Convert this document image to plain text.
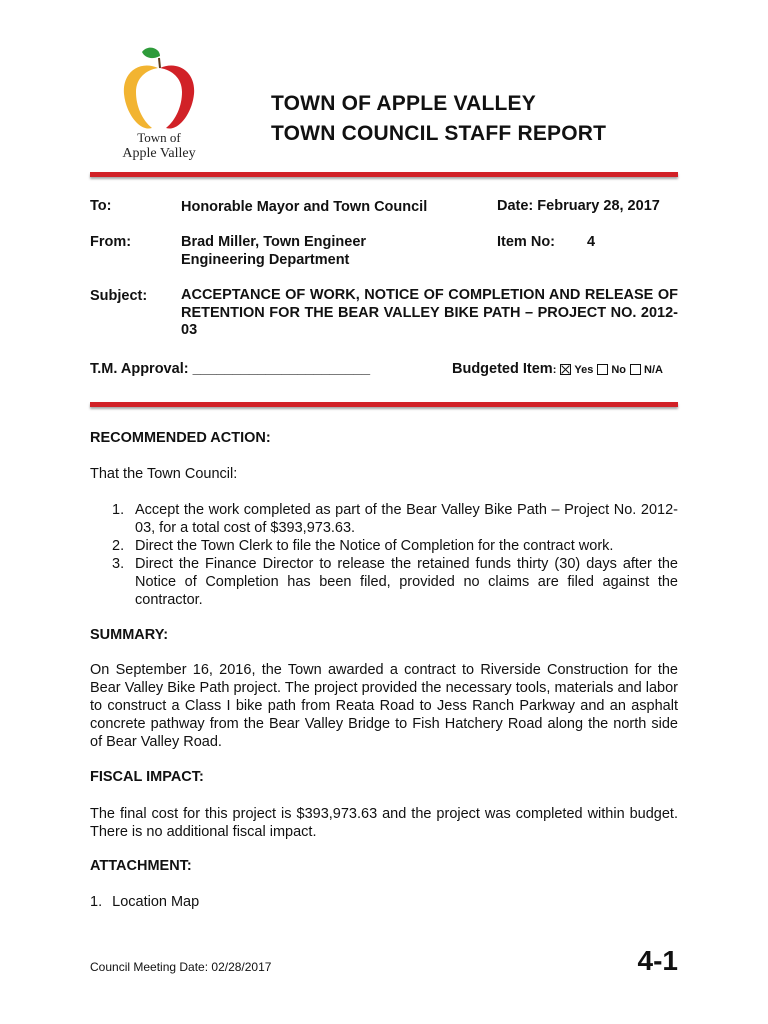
Town of
Apple Valley
TOWN OF APPLE VALLEY
TOWN COUNCIL STAFF REPORT
To:	Honorable Mayor and Town Council	Date: February 28, 2017
From:	Brad Miller, Town Engineer
Engineering Department
Item No: 4
Subject: ACCEPTANCE OF WORK, NOTICE OF COMPLETION AND RELEASE OF RETENTION FOR THE BEAR VALLEY BIKE PATH – PROJECT NO. 2012-03
T.M. Approval: ______________________	Budgeted Item: Yes No N/A
RECOMMENDED ACTION:
That the Town Council:
1. Accept the work completed as part of the Bear Valley Bike Path – Project No. 2012-03, for a total cost of $393,973.63.
2. Direct the Town Clerk to file the Notice of Completion for the contract work.
3. Direct the Finance Director to release the retained funds thirty (30) days after the Notice of Completion has been filed, provided no claims are filed against the contractor.
SUMMARY:
On September 16, 2016, the Town awarded a contract to Riverside Construction for the Bear Valley Bike Path project. The project provided the necessary tools, materials and labor to construct a Class I bike path from Reata Road to Jess Ranch Parkway and an asphalt concrete pathway from the Bear Valley Bridge to Fish Hatchery Road along the north side of Bear Valley Road.
FISCAL IMPACT:
The final cost for this project is $393,973.63 and the project was completed within budget. There is no additional fiscal impact.
ATTACHMENT:
1. Location Map
Council Meeting Date: 02/28/2017	4-1
